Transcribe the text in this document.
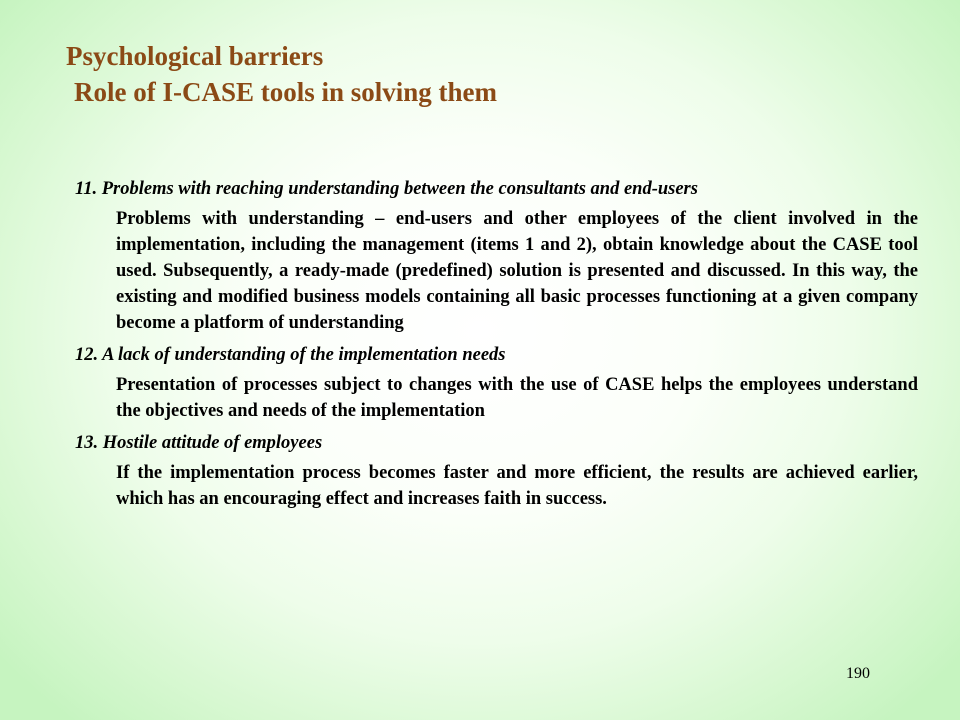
Psychological barriers
Role of I-CASE tools in solving them

11. Problems with reaching understanding between the consultants and end-users

Problems with understanding – end-users and other employees of the client involved in the implementation, including the management (items 1 and 2), obtain knowledge about the CASE tool used. Subsequently, a ready-made (predefined) solution is presented and discussed. In this way, the existing and modified business models containing all basic processes functioning at a given company become a platform of understanding

12. A lack of understanding of the implementation needs

Presentation of processes subject to changes with the use of CASE helps the employees understand the objectives and needs of the implementation

13. Hostile attitude of employees

If the implementation process becomes faster and more efficient, the results are achieved earlier, which has an encouraging effect and increases faith in success.

190
